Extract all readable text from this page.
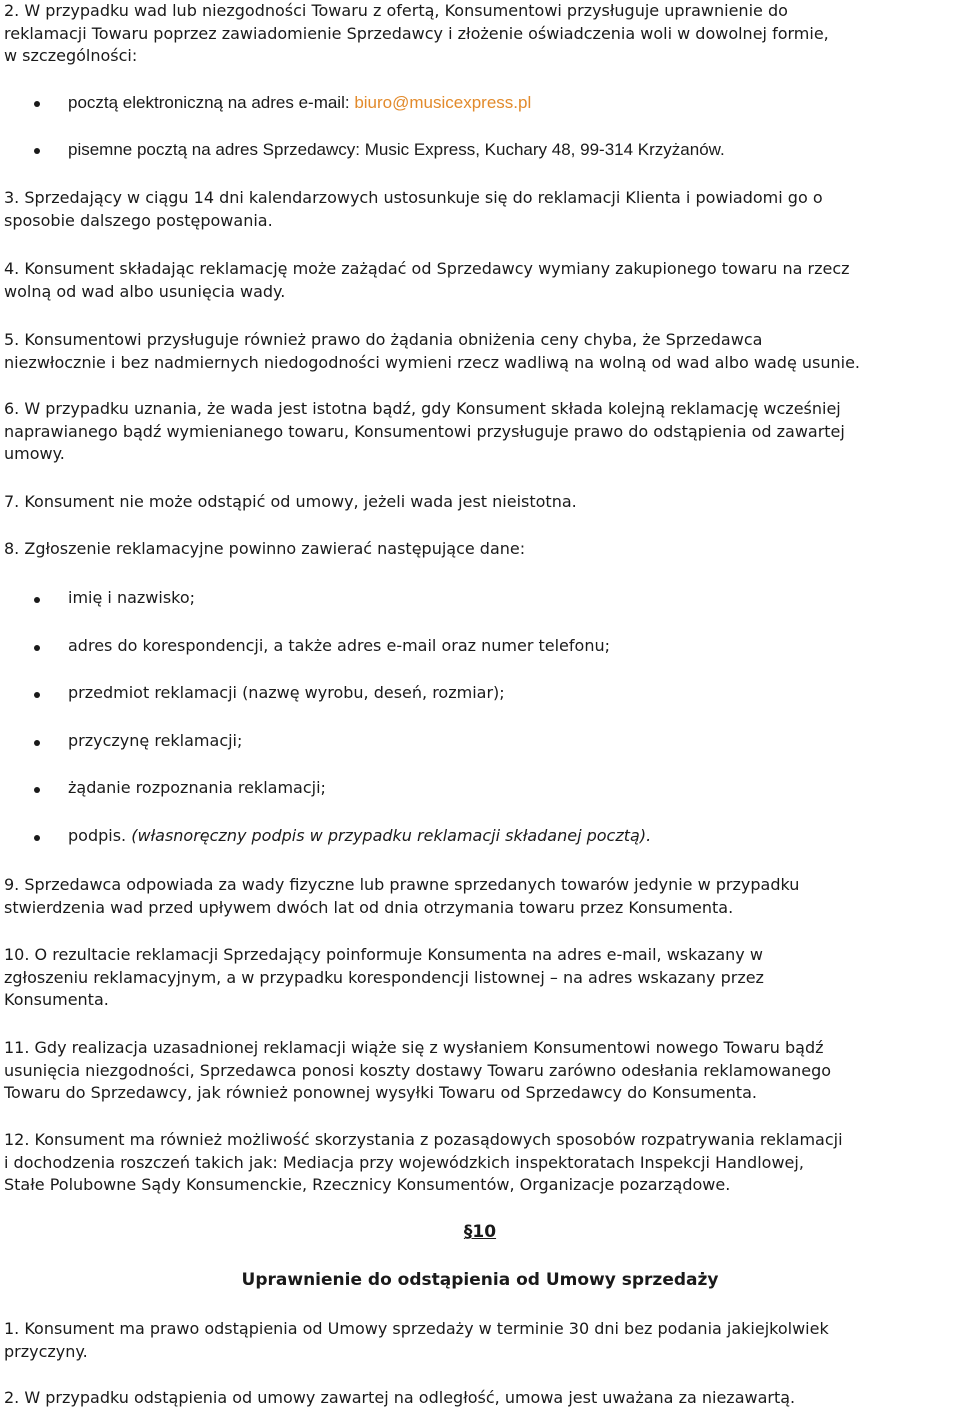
2. W przypadku wad lub niezgodności Towaru z ofertą, Konsumentowi przysługuje uprawnienie do
reklamacji Towaru poprzez zawiadomienie Sprzedawcy i złożenie oświadczenia woli w dowolnej formie,
w szczególności:
pocztą elektroniczną na adres e-mail: biuro@musicexpress.pl
pisemne pocztą na adres Sprzedawcy: Music Express, Kuchary 48, 99-314 Krzyżanów.
3. Sprzedający w ciągu 14 dni kalendarzowych ustosunkuje się do reklamacji Klienta i powiadomi go o
sposobie dalszego postępowania.
4. Konsument składając reklamację może zażądać od Sprzedawcy wymiany zakupionego towaru na rzecz
wolną od wad albo usunięcia wady.
5. Konsumentowi przysługuje również prawo do żądania obniżenia ceny chyba, że Sprzedawca
niezwłocznie i bez nadmiernych niedogodności wymieni rzecz wadliwą na wolną od wad albo wadę usunie.
6. W przypadku uznania, że wada jest istotna bądź, gdy Konsument składa kolejną reklamację wcześniej
naprawianego bądź wymienianego towaru, Konsumentowi przysługuje prawo do odstąpienia od zawartej
umowy.
7. Konsument nie może odstąpić od umowy, jeżeli wada jest nieistotna.
8. Zgłoszenie reklamacyjne powinno zawierać następujące dane:
imię i nazwisko;
adres do korespondencji, a także adres e-mail oraz numer telefonu;
przedmiot reklamacji (nazwę wyrobu, deseń, rozmiar);
przyczynę reklamacji;
żądanie rozpoznania reklamacji;
podpis. (własnoręczny podpis w przypadku reklamacji składanej pocztą).
9. Sprzedawca odpowiada za wady fizyczne lub prawne sprzedanych towarów jedynie w przypadku
stwierdzenia wad przed upływem dwóch lat od dnia otrzymania towaru przez Konsumenta.
10. O rezultacie reklamacji Sprzedający poinformuje Konsumenta na adres e-mail, wskazany w
zgłoszeniu reklamacyjnym, a w przypadku korespondencji listownej – na adres wskazany przez
Konsumenta.
11. Gdy realizacja uzasadnionej reklamacji wiąże się z wysłaniem Konsumentowi nowego Towaru bądź
usunięcia niezgodności, Sprzedawca ponosi koszty dostawy Towaru zarówno odesłania reklamowanego
Towaru do Sprzedawcy, jak również ponownej wysyłki Towaru od Sprzedawcy do Konsumenta.
12. Konsument ma również możliwość skorzystania z pozasądowych sposobów rozpatrywania reklamacji
i dochodzenia roszczeń takich jak: Mediacja przy wojewódzkich inspektoratach Inspekcji Handlowej,
Stałe Polubowne Sądy Konsumenckie, Rzecznicy Konsumentów, Organizacje pozarządowe.
§10
Uprawnienie do odstąpienia od Umowy sprzedaży
1. Konsument ma prawo odstąpienia od Umowy sprzedaży w terminie 30 dni bez podania jakiejkolwiek
przyczyny.
2. W przypadku odstąpienia od umowy zawartej na odległość, umowa jest uważana za niezawartą.
